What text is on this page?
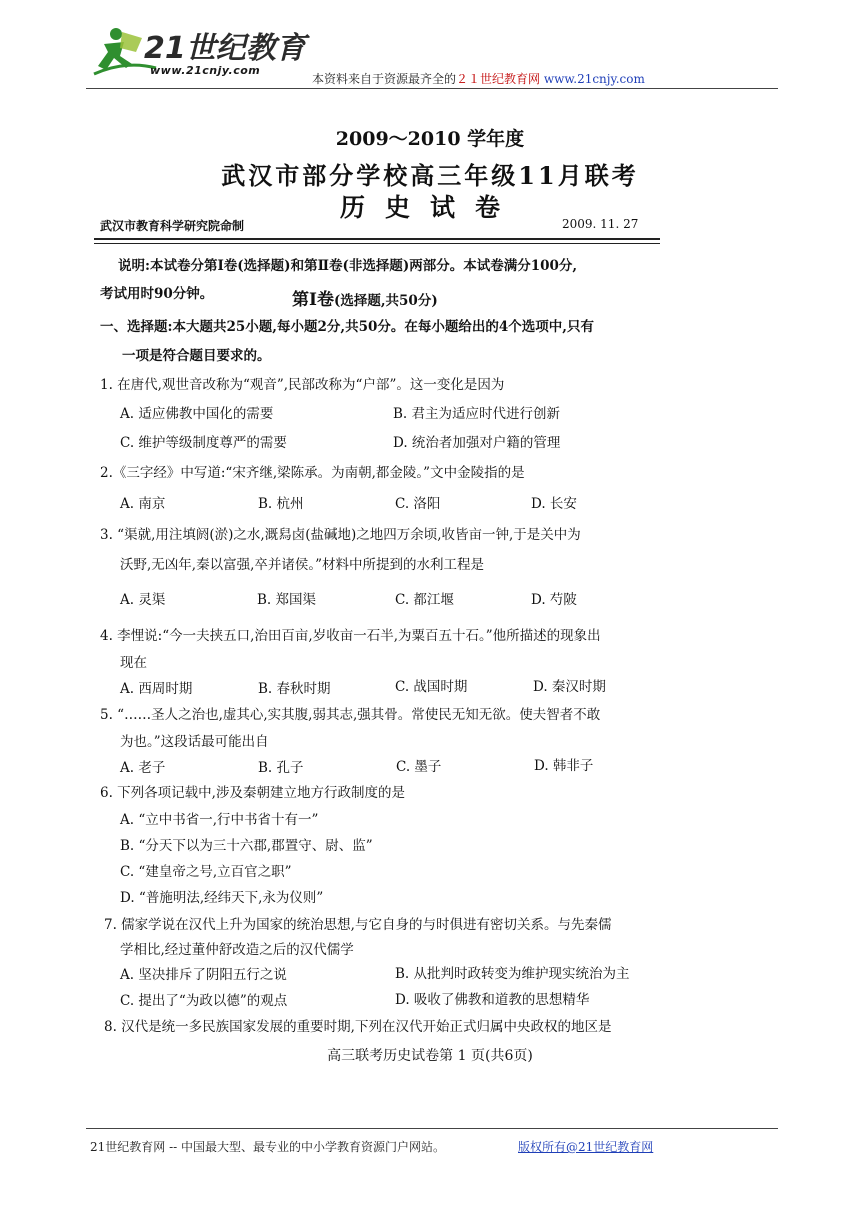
21世纪教育
www.21cnjy.com
本资料来自于资源最齐全的２１世纪教育网 www.21cnjy.com
2009～2010 学年度
武汉市部分学校高三年级11月联考
历史试卷
武汉市教育科学研究院命制	2009. 11. 27
说明:本试卷分第Ⅰ卷(选择题)和第Ⅱ卷(非选择题)两部分。本试卷满分100分,
考试用时90分钟。	第Ⅰ卷(选择题,共50分)
一、选择题:本大题共25小题,每小题2分,共50分。在每小题给出的4个选项中,只有
一项是符合题目要求的。
1. 在唐代,观世音改称为“观音”,民部改称为“户部”。这一变化是因为
A. 适应佛教中国化的需要	B. 君主为适应时代进行创新
C. 维护等级制度尊严的需要	D. 统治者加强对户籍的管理
2.《三字经》中写道:“宋齐继,梁陈承。为南朝,都金陵。”文中金陵指的是
A. 南京	B. 杭州	C. 洛阳	D. 长安
3. “渠就,用注填阏(淤)之水,溉舄卤(盐碱地)之地四万余顷,收皆亩一钟,于是关中为
沃野,无凶年,秦以富强,卒并诸侯。”材料中所提到的水利工程是
A. 灵渠	B. 郑国渠	C. 都江堰	D. 芍陂
4. 李悝说:“今一夫挟五口,治田百亩,岁收亩一石半,为粟百五十石。”他所描述的现象出
现在
A. 西周时期	B. 春秋时期	C. 战国时期	D. 秦汉时期
5. “……圣人之治也,虚其心,实其腹,弱其志,强其骨。常使民无知无欲。使夫智者不敢
为也。”这段话最可能出自
A. 老子	B. 孔子	C. 墨子	D. 韩非子
6. 下列各项记载中,涉及秦朝建立地方行政制度的是
A. “立中书省一,行中书省十有一”
B. “分天下以为三十六郡,郡置守、尉、监”
C. “建皇帝之号,立百官之职”
D. “普施明法,经纬天下,永为仪则”
7. 儒家学说在汉代上升为国家的统治思想,与它自身的与时俱进有密切关系。与先秦儒
学相比,经过董仲舒改造之后的汉代儒学
A. 坚决排斥了阴阳五行之说	B. 从批判时政转变为维护现实统治为主
C. 提出了“为政以德”的观点	D. 吸收了佛教和道教的思想精华
8. 汉代是统一多民族国家发展的重要时期,下列在汉代开始正式归属中央政权的地区是
高三联考历史试卷第 1 页(共6页)
21世纪教育网 -- 中国最大型、最专业的中小学教育资源门户网站。	版权所有@21世纪教育网
